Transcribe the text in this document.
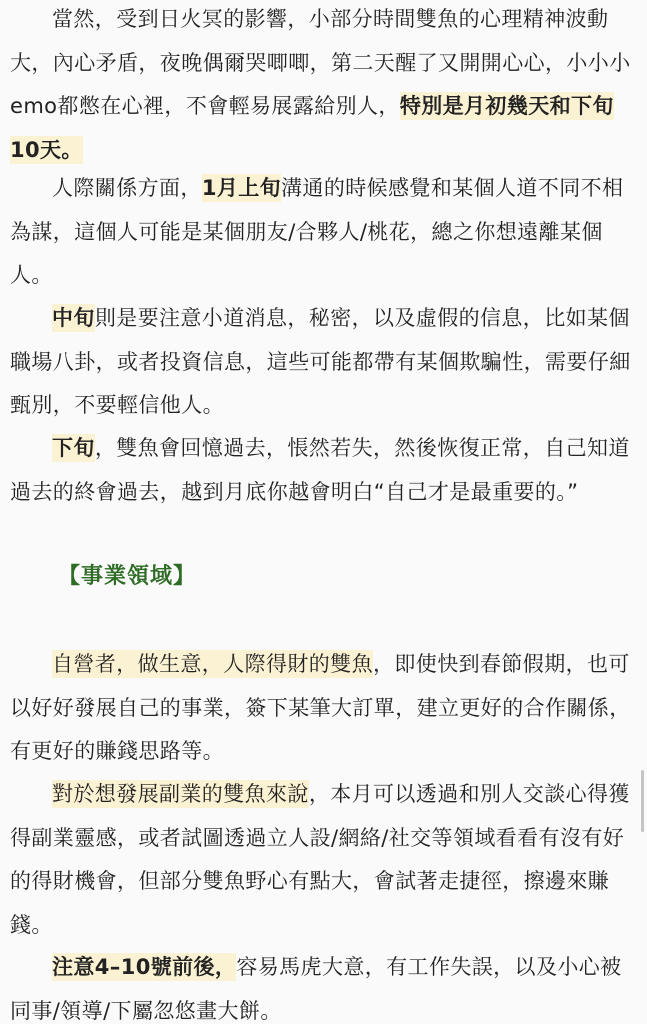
當然，受到日火冥的影響，小部分時間雙魚的心理精神波動大，內心矛盾，夜晚偶爾哭唧唧，第二天醒了又開開心心，小小小emo都憋在心裡，不會輕易展露給別人，特別是月初幾天和下旬10天。

人際關係方面，1月上旬溝通的時候感覺和某個人道不同不相為謀，這個人可能是某個朋友/合夥人/桃花，總之你想遠離某個人。

中旬則是要注意小道消息，秘密，以及虛假的信息，比如某個職場八卦，或者投資信息，這些可能都帶有某個欺騙性，需要仔細甄別，不要輕信他人。

下旬，雙魚會回憶過去，悵然若失，然後恢復正常，自己知道過去的終會過去，越到月底你越會明白“自己才是最重要的。”

【事業領域】

自營者，做生意，人際得財的雙魚，即使快到春節假期，也可以好好發展自己的事業，簽下某筆大訂單，建立更好的合作關係，有更好的賺錢思路等。

對於想發展副業的雙魚來說，本月可以透過和別人交談心得獲得副業靈感，或者試圖透過立人設/網絡/社交等領域看看有沒有好的得財機會，但部分雙魚野心有點大，會試著走捷徑，擦邊來賺錢。

注意4–10號前後，容易馬虎大意，有工作失誤，以及小心被同事/領導/下屬忽悠畫大餅。
